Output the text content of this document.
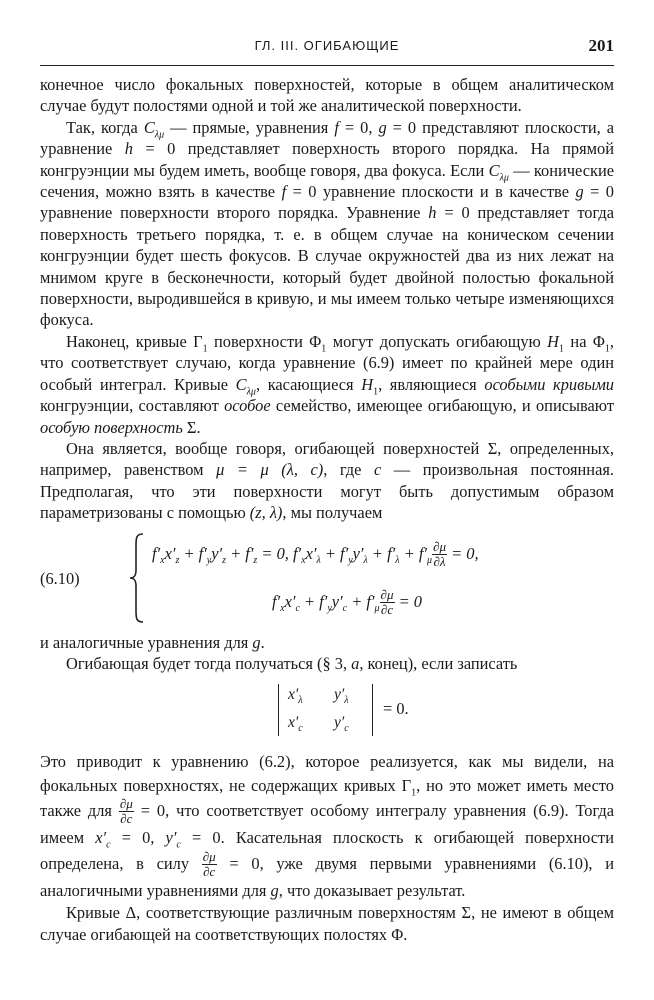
ГЛ. III. ОГИБАЮЩИЕ	201

конечное число фокальных поверхностей, которые в общем аналитическом случае будут полостями одной и той же аналитической поверхности.

Так, когда $C_{\lambda\mu}$ — прямые, уравнения f = 0, g = 0 представляют плоскости, а уравнение h = 0 представляет поверхность второго порядка. На прямой конгруэнции мы будем иметь, вообще говоря, два фокуса. Если $C_{\lambda\mu}$ — конические сечения, можно взять в качестве f = 0 уравнение плоскости и в качестве g = 0 уравнение поверхности второго порядка. Уравнение h = 0 представляет тогда поверхность третьего порядка, т. е. в общем случае на коническом сечении конгруэнции будет шесть фокусов. В случае окружностей два из них лежат на мнимом круге в бесконечности, который будет двойной полостью фокальной поверхности, выродившейся в кривую, и мы имеем только четыре изменяющихся фокуса.

Наконец, кривые $\Gamma_1$ поверхности $\Phi_1$ могут допускать огибающую $H_1$ на $\Phi_1$, что соответствует случаю, когда уравнение (6.9) имеет по крайней мере один особый интеграл. Кривые $C_{\lambda\mu}$, касающиеся $H_1$, являющиеся особыми кривыми конгруэнции, составляют особое семейство, имеющее огибающую, и описывают особую поверхность Σ.

Она является, вообще говоря, огибающей поверхностей Σ, определенных, например, равенством μ = μ (λ, c), где c — произвольная постоянная. Предполагая, что эти поверхности могут быть допустимым образом параметризованы с помощью (z, λ), мы получаем

(6.10)
$f'_xx'_z + f'_yy'_z + f'_z = 0$, $f'_xx'_\lambda + f'_yy'_\lambda + f'_\lambda + f'_\mu \frac{\partial\mu}{\partial\lambda} = 0$,
$f'_xx'_c + f'_yy'_c + f'_\mu \frac{\partial\mu}{\partial c} = 0$

и аналогичные уравнения для g.

Огибающая будет тогда получаться (§ 3, a, конец), если записать

$x'_\lambda$ $y'_\lambda$
$x'_c$ $y'_c$
= 0.

Это приводит к уравнению (6.2), которое реализуется, как мы видели, на фокальных поверхностях, не содержащих кривых $\Gamma_1$, но это может иметь место также для $\frac{\partial\mu}{\partial c} = 0$, что соответствует особому интегралу уравнения (6.9). Тогда имеем $x'_c = 0$, $y'_c = 0$. Касательная плоскость к огибающей поверхности определена, в силу $\frac{\partial\mu}{\partial c} = 0$, уже двумя первыми уравнениями (6.10), и аналогичными уравнениями для g, что доказывает результат.

Кривые Δ, соответствующие различным поверхностям Σ, не имеют в общем случае огибающей на соответствующих полостях Φ.
